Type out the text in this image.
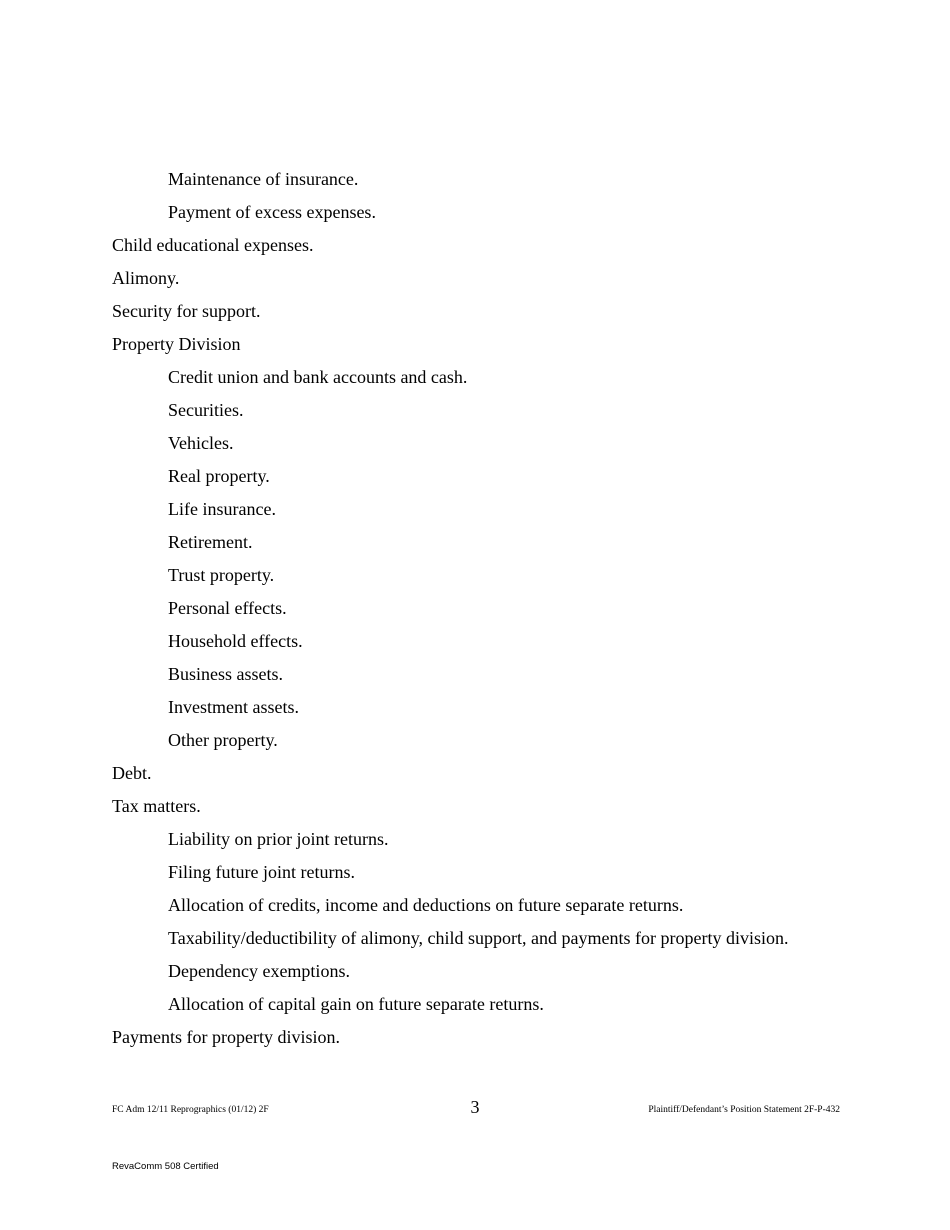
Maintenance of insurance.
Payment of excess expenses.
Child educational expenses.
Alimony.
Security for support.
Property Division
Credit union and bank accounts and cash.
Securities.
Vehicles.
Real property.
Life insurance.
Retirement.
Trust property.
Personal effects.
Household effects.
Business assets.
Investment assets.
Other property.
Debt.
Tax matters.
Liability on prior joint returns.
Filing future joint returns.
Allocation of credits, income and deductions on future separate returns.
Taxability/deductibility of alimony, child support, and payments for property division.
Dependency exemptions.
Allocation of capital gain on future separate returns.
Payments for property division.
FC Adm 12/11 Reprographics (01/12) 2F	3	Plaintiff/Defendant’s Position Statement 2F-P-432
RevaComm 508 Certified
